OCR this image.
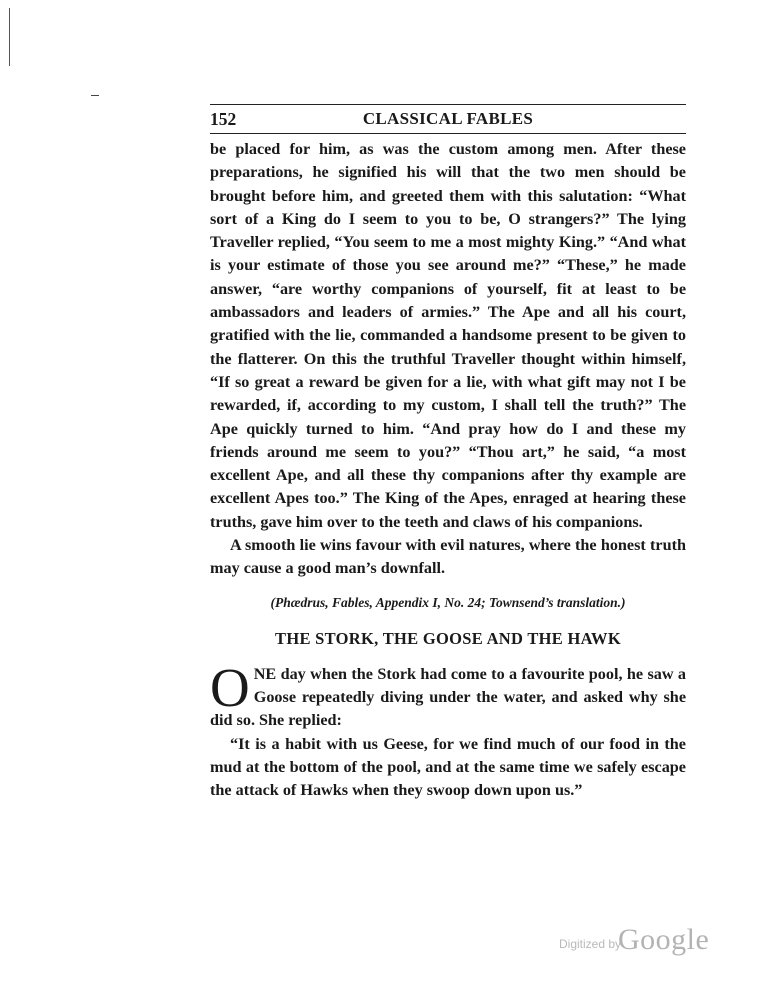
152	CLASSICAL FABLES

be placed for him, as was the custom among men. After these preparations, he signified his will that the two men should be brought before him, and greeted them with this salutation: “What sort of a King do I seem to you to be, O strangers?” The lying Traveller replied, “You seem to me a most mighty King.” “And what is your estimate of those you see around me?” “These,” he made answer, “are worthy companions of yourself, fit at least to be ambassadors and leaders of armies.” The Ape and all his court, gratified with the lie, commanded a handsome present to be given to the flatterer. On this the truthful Traveller thought within himself, “If so great a reward be given for a lie, with what gift may not I be rewarded, if, according to my custom, I shall tell the truth?” The Ape quickly turned to him. “And pray how do I and these my friends around me seem to you?” “Thou art,” he said, “a most excellent Ape, and all these thy companions after thy example are excellent Apes too.” The King of the Apes, enraged at hearing these truths, gave him over to the teeth and claws of his companions.

A smooth lie wins favour with evil natures, where the honest truth may cause a good man’s downfall.

(Phædrus, Fables, Appendix I, No. 24; Townsend’s translation.)

THE STORK, THE GOOSE AND THE HAWK

ONE day when the Stork had come to a favourite pool, he saw a Goose repeatedly diving under the water, and asked why she did so. She replied:

“It is a habit with us Geese, for we find much of our food in the mud at the bottom of the pool, and at the same time we safely escape the attack of Hawks when they swoop down upon us.”

Digitized by
Google
